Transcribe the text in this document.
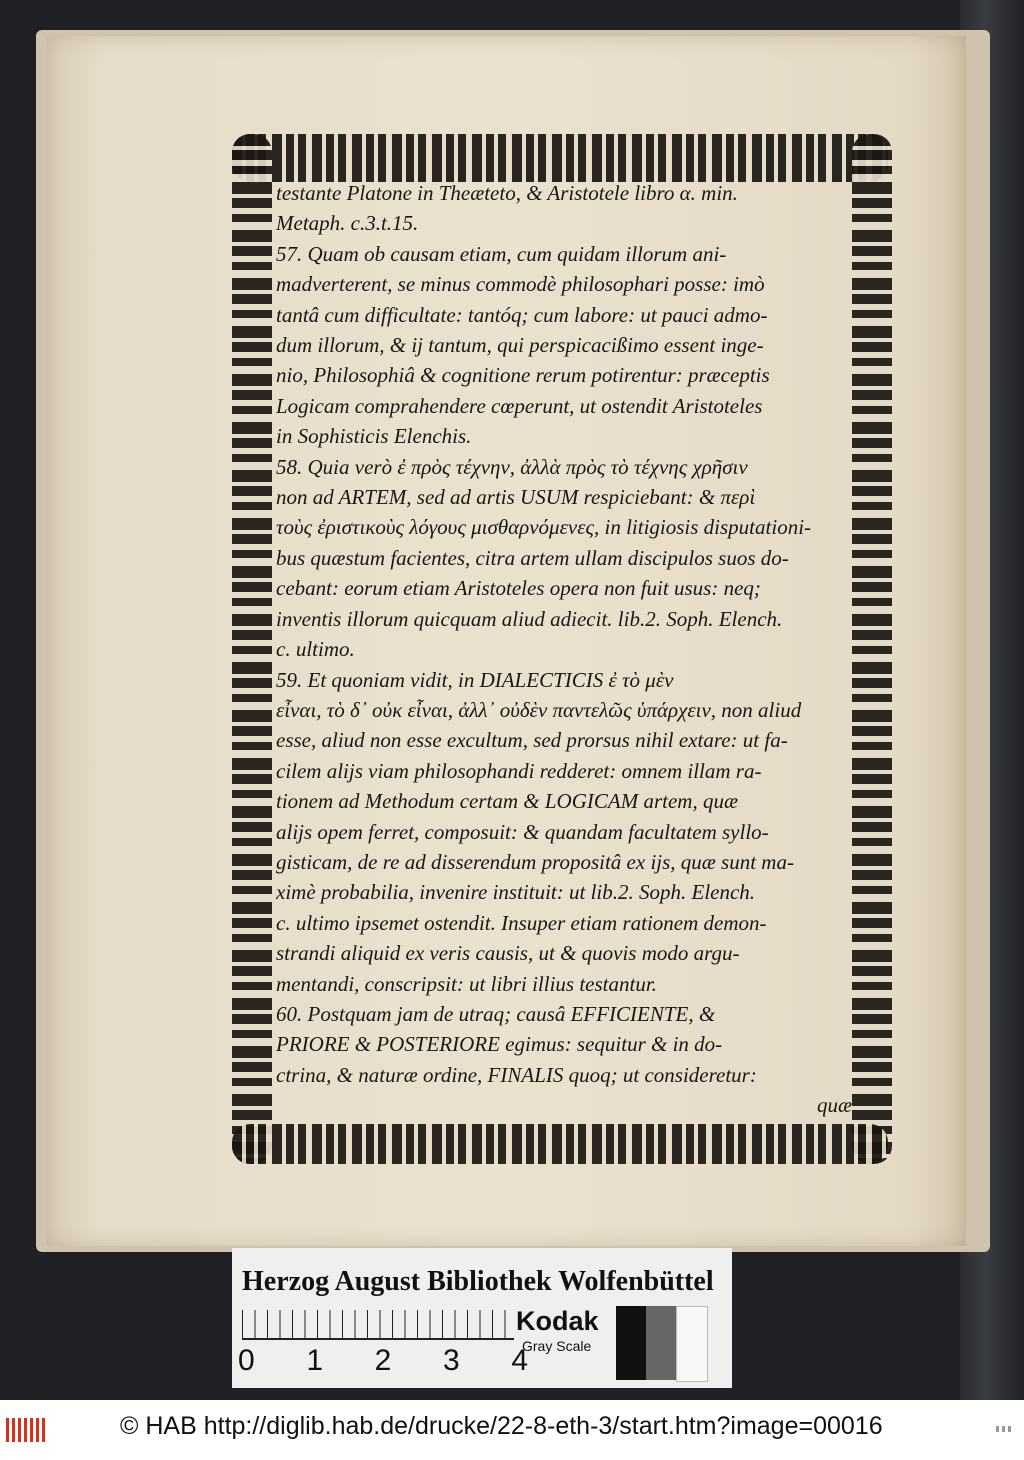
testante Platone in Theæteto, & Aristotele libro α. min.
Metaph. c.3.t.15.
57. Quam ob causam etiam, cum quidam illorum ani-
madverterent, se minus commodè philosophari posse: imò
tantâ cum difficultate: tantóq; cum labore: ut pauci admo-
dum illorum, & ij tantum, qui perspicacißimo essent inge-
nio, Philosophiâ & cognitione rerum potirentur: præceptis
Logicam comprahendere cœperunt, ut ostendit Aristoteles
in Sophisticis Elenchis.
58. Quia verò ἐ πρὸς τέχνην, ἀλλὰ πρὸς τὸ τέχνης χρῆσιν
non ad ARTEM, sed ad artis USUM respiciebant: & περὶ
τοὺς ἐριστικοὺς λόγους μισθαρνόμενες, in litigiosis disputationi-
bus quæstum facientes, citra artem ullam discipulos suos do-
cebant: eorum etiam Aristoteles opera non fuit usus: neq;
inventis illorum quicquam aliud adiecit. lib.2. Soph. Elench.
c. ultimo.
59. Et quoniam vidit, in DIALECTICIS ἐ τὸ μὲν
εἶναι, τὸ δ᾽ οὐκ εἶναι, ἀλλ᾽ οὐδὲν παντελῶς ὑπάρχειν, non aliud
esse, aliud non esse excultum, sed prorsus nihil extare: ut fa-
cilem alijs viam philosophandi redderet: omnem illam ra-
tionem ad Methodum certam & LOGICAM artem, quæ
alijs opem ferret, composuit: & quandam facultatem syllo-
gisticam, de re ad disserendum propositâ ex ijs, quæ sunt ma-
ximè probabilia, invenire instituit: ut lib.2. Soph. Elench.
c. ultimo ipsemet ostendit. Insuper etiam rationem demon-
strandi aliquid ex veris causis, ut & quovis modo argu-
mentandi, conscripsit: ut libri illius testantur.
60. Postquam jam de utraq; causâ EFFICIENTE, &
PRIORE & POSTERIORE egimus: sequitur & in do-
ctrina, & naturæ ordine, FINALIS quoq; ut consideretur:
quæ
Herzog August Bibliothek Wolfenbüttel
0 1 2 3 4
Kodak
Gray Scale
© HAB http://diglib.hab.de/drucke/22-8-eth-3/start.htm?image=00016
